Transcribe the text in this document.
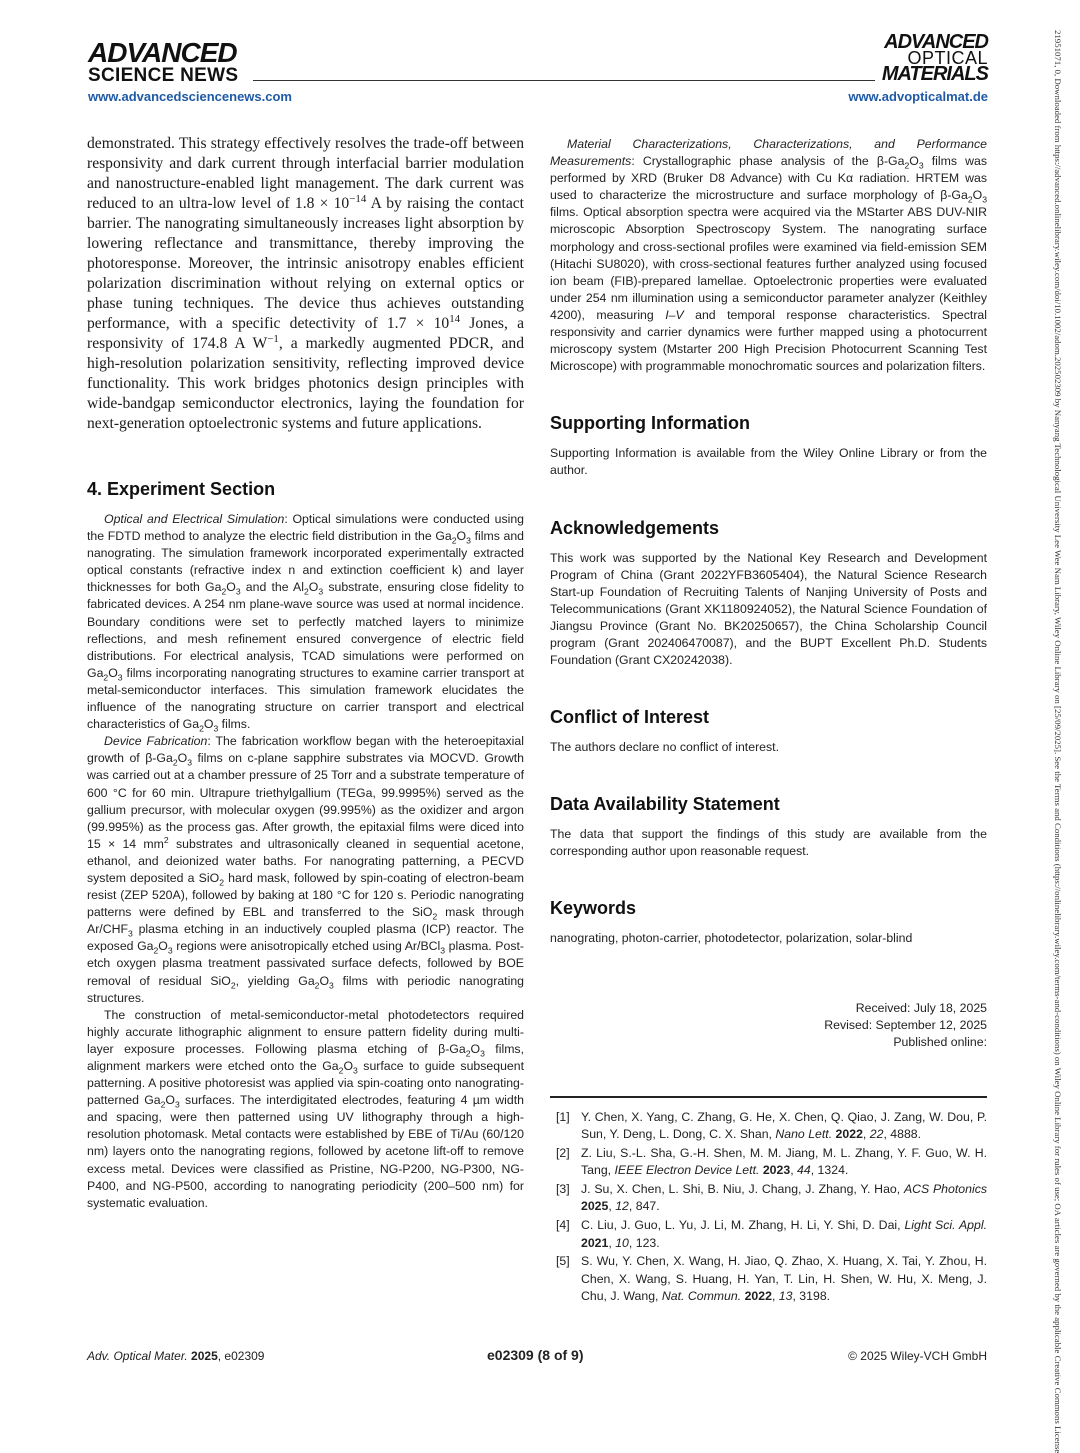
ADVANCED
SCIENCE NEWS
ADVANCED
OPTICAL
MATERIALS
www.advancedsciencenews.com	www.advopticalmat.de

demonstrated. This strategy effectively resolves the trade-off between responsivity and dark current through interfacial barrier modulation and nanostructure-enabled light management. The dark current was reduced to an ultra-low level of $1.8 \times 10^{-14}$ A by raising the contact barrier. The nanograting simultaneously increases light absorption by lowering reflectance and transmittance, thereby improving the photoresponse. Moreover, the intrinsic anisotropy enables efficient polarization discrimination without relying on external optics or phase tuning techniques. The device thus achieves outstanding performance, with a specific detectivity of $1.7 \times 10^{14}$ Jones, a responsivity of 174.8 A $W^{-1}$, a markedly augmented PDCR, and high-resolution polarization sensitivity, reflecting improved device functionality. This work bridges photonics design principles with wide-bandgap semiconductor electronics, laying the foundation for next-generation optoelectronic systems and future applications.

4. Experiment Section

Optical and Electrical Simulation: Optical simulations were conducted using the FDTD method to analyze the electric field distribution in the $Ga_2O_3$ films and nanograting. The simulation framework incorporated experimentally extracted optical constants (refractive index n and extinction coefficient k) and layer thicknesses for both $Ga_2O_3$ and the $Al_2O_3$ substrate, ensuring close fidelity to fabricated devices. A 254 nm plane-wave source was used at normal incidence. Boundary conditions were set to perfectly matched layers to minimize reflections, and mesh refinement ensured convergence of electric field distributions. For electrical analysis, TCAD simulations were performed on $Ga_2O_3$ films incorporating nanograting structures to examine carrier transport at metal-semiconductor interfaces. This simulation framework elucidates the influence of the nanograting structure on carrier transport and electrical characteristics of $Ga_2O_3$ films.

Device Fabrication: The fabrication workflow began with the heteroepitaxial growth of $\beta-Ga_2O_3$ films on c-plane sapphire substrates via MOCVD. Growth was carried out at a chamber pressure of 25 Torr and a substrate temperature of 600 °C for 60 min. Ultrapure triethylgallium (TEGa, 99.9995%) served as the gallium precursor, with molecular oxygen (99.995%) as the oxidizer and argon (99.995%) as the process gas. After growth, the epitaxial films were diced into 15 × 14 $mm^2$ substrates and ultrasonically cleaned in sequential acetone, ethanol, and deionized water baths. For nanograting patterning, a PECVD system deposited a SiO$_2$ hard mask, followed by spin-coating of electron-beam resist (ZEP 520A), followed by baking at 180 °C for 120 s. Periodic nanograting patterns were defined by EBL and transferred to the SiO$_2$ mask through $Ar/CHF_3$ plasma etching in an inductively coupled plasma (ICP) reactor. The exposed $Ga_2O_3$ regions were anisotropically etched using Ar/BCl$_3$ plasma. Post-etch oxygen plasma treatment passivated surface defects, followed by BOE removal of residual SiO$_2$, yielding $Ga_2O_3$ films with periodic nanograting structures.

The construction of metal-semiconductor-metal photodetectors required highly accurate lithographic alignment to ensure pattern fidelity during multi-layer exposure processes. Following plasma etching of $\beta-Ga_2O_3$ films, alignment markers were etched onto the $Ga_2O_3$ surface to guide subsequent patterning. A positive photoresist was applied via spin-coating onto nanograting-patterned $Ga_2O_3$ surfaces. The interdigitated electrodes, featuring 4 µm width and spacing, were then patterned using UV lithography through a high-resolution photomask. Metal contacts were established by EBE of Ti/Au (60/120 nm) layers onto the nanograting regions, followed by acetone lift-off to remove excess metal. Devices were classified as Pristine, NG-P200, NG-P300, NG-P400, and NG-P500, according to nanograting periodicity (200–500 nm) for systematic evaluation.

Material Characterizations, Characterizations, and Performance Measurements: Crystallographic phase analysis of the $\beta-Ga_2O_3$ films was performed by XRD (Bruker D8 Advance) with Cu Kα radiation. HRTEM was used to characterize the microstructure and surface morphology of $\beta-Ga_2O_3$ films. Optical absorption spectra were acquired via the MStarter ABS DUV-NIR microscopic Absorption Spectroscopy System. The nanograting surface morphology and cross-sectional profiles were examined via field-emission SEM (Hitachi SU8020), with cross-sectional features further analyzed using focused ion beam (FIB)-prepared lamellae. Optoelectronic properties were evaluated under 254 nm illumination using a semiconductor parameter analyzer (Keithley 4200), measuring I–V and temporal response characteristics. Spectral responsivity and carrier dynamics were further mapped using a photocurrent microscopy system (Mstarter 200 High Precision Photocurrent Scanning Test Microscope) with programmable monochromatic sources and polarization filters.

Supporting Information

Supporting Information is available from the Wiley Online Library or from the author.

Acknowledgements

This work was supported by the National Key Research and Development Program of China (Grant 2022YFB3605404), the Natural Science Research Start-up Foundation of Recruiting Talents of Nanjing University of Posts and Telecommunications (Grant XK1180924052), the Natural Science Foundation of Jiangsu Province (Grant No. BK20250657), the China Scholarship Council program (Grant 202406470087), and the BUPT Excellent Ph.D. Students Foundation (Grant CX20242038).

Conflict of Interest

The authors declare no conflict of interest.

Data Availability Statement

The data that support the findings of this study are available from the corresponding author upon reasonable request.

Keywords

nanograting, photon-carrier, photodetector, polarization, solar-blind

Received: July 18, 2025
Revised: September 12, 2025
Published online:
[1] Y. Chen, X. Yang, C. Zhang, G. He, X. Chen, Q. Qiao, J. Zang, W. Dou, P. Sun, Y. Deng, L. Dong, C. X. Shan, Nano Lett. 2022, 22, 4888.
[2] Z. Liu, S.-L. Sha, G.-H. Shen, M. M. Jiang, M. L. Zhang, Y. F. Guo, W. H. Tang, IEEE Electron Device Lett. 2023, 44, 1324.
[3] J. Su, X. Chen, L. Shi, B. Niu, J. Chang, J. Zhang, Y. Hao, ACS Photonics 2025, 12, 847.
[4] C. Liu, J. Guo, L. Yu, J. Li, M. Zhang, H. Li, Y. Shi, D. Dai, Light Sci. Appl. 2021, 10, 123.
[5] S. Wu, Y. Chen, X. Wang, H. Jiao, Q. Zhao, X. Huang, X. Tai, Y. Zhou, H. Chen, X. Wang, S. Huang, H. Yan, T. Lin, H. Shen, W. Hu, X. Meng, J. Chu, J. Wang, Nat. Commun. 2022, 13, 3198.
Adv. Optical Mater. 2025, e02309	e02309 (8 of 9)	© 2025 Wiley-VCH GmbH	21951071, 0, Downloaded from https://advanced.onlinelibrary.wiley.com/doi/10.1002/adom.202502309 by Nanyang Technological University Lee Wee Nam Library, Wiley Online Library on [25/09/2025]. See the Terms and Conditions (https://onlinelibrary.wiley.com/terms-and-conditions) on Wiley Online Library for rules of use; OA articles are governed by the applicable Creative Commons License
